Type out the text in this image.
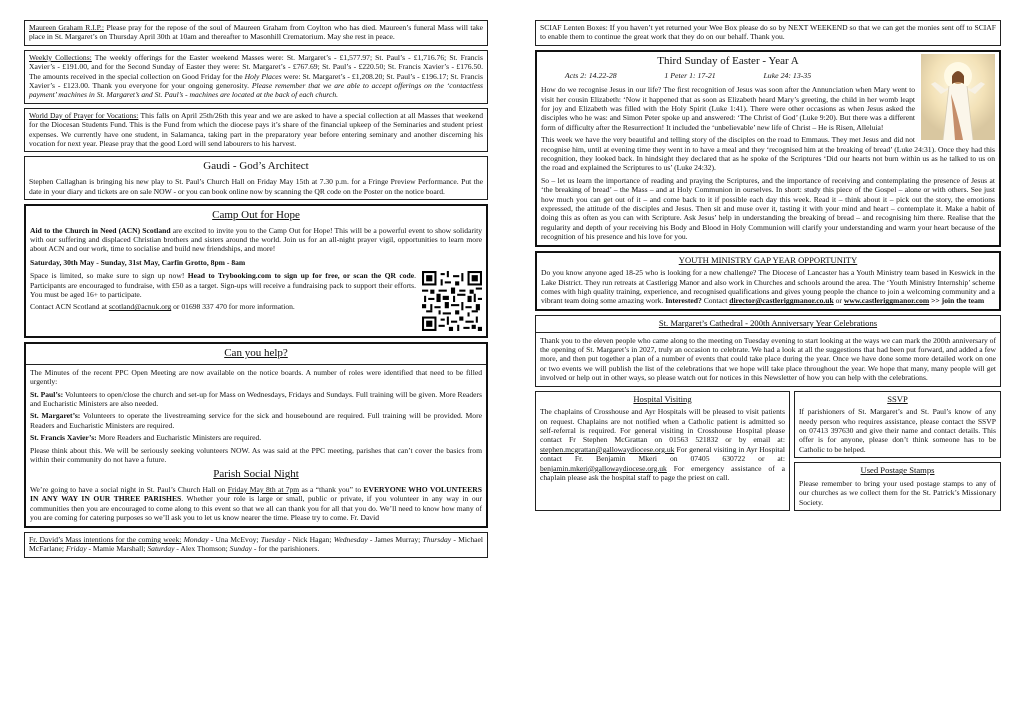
Maureen Graham R.I.P.: Please pray for the repose of the soul of Maureen Graham from Coylton who has died. Maureen’s funeral Mass will take place in St. Margaret’s on Thursday April 30th at 10am and thereafter to Masonhill Crematorium. May she rest in peace.

Weekly Collections: The weekly offerings for the Easter weekend Masses were: St. Margaret’s - £1,577.97; St. Paul’s - £1,716.76; St. Francis Xavier’s - £191.00, and for the Second Sunday of Easter they were: St. Margaret’s - £767.69; St. Paul’s - £220.50; St. Francis Xavier’s - £176.50. The amounts received in the special collection on Good Friday for the Holy Places were: St. Margaret’s - £1,208.20; St. Paul’s - £196.17; St. Francis Xavier’s - £123.00. Thank you everyone for your ongoing generosity. Please remember that we are able to accept offerings on the ‘contactless payment’ machines in St. Margaret’s and St. Paul’s - machines are located at the back of each church.

World Day of Prayer for Vocations: This falls on April 25th/26th this year and we are asked to have a special collection at all Masses that weekend for the Diocesan Students Fund. This is the Fund from which the diocese pays it’s share of the financial upkeep of the Seminaries and student priest expenses. We currently have one student, in Salamanca, taking part in the preparatory year before entering seminary and another discerning his vocation for next year. Please pray that the good Lord will send labourers to his harvest.

Gaudi - God’s Architect

Stephen Callaghan is bringing his new play to St. Paul’s Church Hall on Friday May 15th at 7.30 p.m. for a Fringe Preview Performance. Put the date in your diary and tickets are on sale NOW - or you can book online now by scanning the QR code on the Poster on the notice board.

Camp Out for Hope

Aid to the Church in Need (ACN) Scotland are excited to invite you to the Camp Out for Hope! This will be a powerful event to show solidarity with our suffering and displaced Christian brothers and sisters around the world. Join us for an all-night prayer vigil, opportunities to learn more about ACN and our work, time to socialise and build new friendships, and more!

Saturday, 30th May - Sunday, 31st May, Carfin Grotto, 8pm - 8am

Space is limited, so make sure to sign up now! Head to Trybooking.com to sign up for free, or scan the QR code. Participants are encouraged to fundraise, with £50 as a target. Sign-ups will receive a fundraising pack to support their efforts. You must be aged 16+ to participate.

Contact ACN Scotland at scotland@acnuk.org or 01698 337 470 for more information.

Can you help?

The Minutes of the recent PPC Open Meeting are now available on the notice boards. A number of roles were identified that need to be filled urgently:

St. Paul’s: Volunteers to open/close the church and set-up for Mass on Wednesdays, Fridays and Sundays. Full training will be given. More Readers and Eucharistic Ministers are also needed.

St. Margaret’s: Volunteers to operate the livestreaming service for the sick and housebound are required. Full training will be provided. More Readers and Eucharistic Ministers are required.

St. Francis Xavier’s: More Readers and Eucharistic Ministers are required.

Please think about this. We will be seriously seeking volunteers NOW. As was said at the PPC meeting, parishes that can’t cover the basics from within their community do not have a future.

Parish Social Night

We’re going to have a social night in St. Paul’s Church Hall on Friday May 8th at 7pm as a “thank you” to EVERYONE WHO VOLUNTEERS IN ANY WAY IN OUR THREE PARISHES. Whether your role is large or small, public or private, if you volunteer in any way in our communities then you are encouraged to come along to this event so that we all can thank you for all that you do. We’ll need to know how many of you are coming for catering purposes so we’ll ask you to let us know nearer the time. Please try to come. Fr. David

Fr. David’s Mass intentions for the coming week: Monday - Una McEvoy; Tuesday - Nick Hagan; Wednesday - James Murray; Thursday - Michael McFarlane; Friday - Mamie Marshall; Saturday - Alex Thomson; Sunday - for the parishioners.

SCIAF Lenten Boxes: If you haven’t yet returned your Wee Box please do so by NEXT WEEKEND so that we can get the monies sent off to SCIAF to enable them to continue the great work that they do on our behalf. Thank you.

Third Sunday of Easter - Year A
Acts 2: 14.22-28	1 Peter 1: 17-21	Luke 24: 13-35

How do we recognise Jesus in our life? The first recognition of Jesus was soon after the Annunciation when Mary went to visit her cousin Elizabeth: ‘Now it happened that as soon as Elizabeth heard Mary’s greeting, the child in her womb leapt for joy and Elizabeth was filled with the Holy Spirit (Luke 1:41). There were other occasions as when Jesus asked the disciples who he was: and Simon Peter spoke up and answered: ‘The Christ of God’ (Luke 9:20). But there was a different form of difficulty after the Resurrection! It included the ‘unbelievable’ new life of Christ – He is Risen, Alleluia!

This week we have the very beautiful and telling story of the disciples on the road to Emmaus. They met Jesus and did not recognise him, until at evening time they went in to have a meal and they ‘recognised him at the breaking of bread’ (Luke 24:31). Once they had this recognition, they looked back. In hindsight they declared that as he spoke of the Scriptures ‘Did our hearts not burn within us as he talked to us on the road and explained the Scriptures to us’ (Luke 24:32).

So – let us learn the importance of reading and praying the Scriptures, and the importance of receiving and contemplating the presence of Jesus at ‘the breaking of bread’ – the Mass – and at Holy Communion in ourselves. In short: study this piece of the Gospel – alone or with others. See just how much you can get out of it – and come back to it if possible each day this week. Read it – think about it – pick out the story, the emotions expressed, the attitude of the disciples and Jesus. Then sit and muse over it, tasting it with your mind and heart – contemplate it. Make a habit of doing this as often as you can with Scripture. Ask Jesus’ help in understanding the breaking of bread – and recognising him there. Realise that the regularity and depth of your receiving his Body and Blood in Holy Communion will clarify your understanding and warm your heart because of the recognition of his presence and his love for you.

YOUTH MINISTRY GAP YEAR OPPORTUNITY

Do you know anyone aged 18-25 who is looking for a new challenge? The Diocese of Lancaster has a Youth Ministry team based in Keswick in the Lake District. They run retreats at Castlerigg Manor and also work in Churches and schools around the area. The ‘Youth Ministry Internship’ scheme comes with high quality training, experience, and recognised qualifications and gives young people the chance to join a welcoming community and a vibrant team doing some amazing work. Interested? Contact director@castleriggmanor.co.uk or www.castleriggmanor.com >> join the team

St. Margaret’s Cathedral - 200th Anniversary Year Celebrations

Thank you to the eleven people who came along to the meeting on Tuesday evening to start looking at the ways we can mark the 200th anniversary of the opening of St. Margaret’s in 2027, truly an occasion to celebrate. We had a look at all the suggestions that had been put forward, and added a few more, and then put together a plan of a number of events that could take place during the year. Once we have done some more detailed work on one or two events we will publish the list of the celebrations that we hope will take place throughout the year. We hope that many, many people will get involved or help out in other ways, so please watch out for notices in this Newsletter of how you can help with the celebrations.

Hospital Visiting

The chaplains of Crosshouse and Ayr Hospitals will be pleased to visit patients on request. Chaplains are not notified when a Catholic patient is admitted so self-referral is required. For general visiting in Crosshouse Hospital please contact Fr Stephen McGrattan on 01563 521832 or by email at: stephen.mcgrattan@gallowaydiocese.org.uk For general visiting in Ayr Hospital contact Fr. Benjamin Mkeri on 07405 630722 or at: benjamin.mkeri@gallowaydiocese.org.uk For emergency assistance of a chaplain please ask the hospital staff to page the priest on call.

SSVP

If parishioners of St. Margaret’s and St. Paul’s know of any needy person who requires assistance, please contact the SSVP on 07413 397630 and give their name and contact details. This offer is for anyone, please don’t think someone has to be Catholic to be helped.

Used Postage Stamps

Please remember to bring your used postage stamps to any of our churches as we collect them for the St. Patrick’s Missionary Society.
